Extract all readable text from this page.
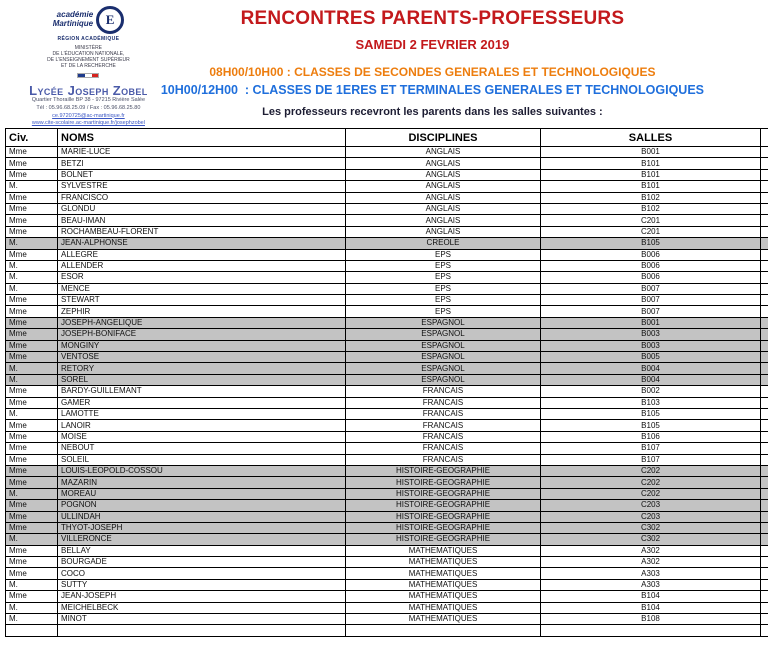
académie
Martinique E
RÉGION ACADÉMIQUE
MINISTÈRE
DE L'ÉDUCATION NATIONALE,
DE L'ENSEIGNEMENT SUPÉRIEUR
ET DE LA RECHERCHE
Lycée Joseph Zobel
Quartier Thoraille BP 38 - 97215 Rivière Salée
Tél : 05.96.68.25.09 / Fax : 05.96.68.25.80
ce.9720725@ac-martinique.fr
www.cite-scolaire.ac-martinique.fr/josephzobel
RENCONTRES PARENTS-PROFESSEURS
SAMEDI 2 FEVRIER 2019
08H00/10H00 : CLASSES DE SECONDES GENERALES ET TECHNOLOGIQUES
10H00/12H00  : CLASSES DE 1ERES ET TERMINALES GENERALES ET TECHNOLOGIQUES
Les professeurs recevront les parents dans les salles suivantes :
Civ.	NOMS	DISCIPLINES	SALLES	
Mme	MARIE-LUCE	ANGLAIS	B001	
Mme	BETZI	ANGLAIS	B101	
Mme	BOLNET	ANGLAIS	B101	
M.	SYLVESTRE	ANGLAIS	B101	
Mme	FRANCISCO	ANGLAIS	B102	
Mme	GLONDU	ANGLAIS	B102	
Mme	BEAU-IMAN	ANGLAIS	C201	
Mme	ROCHAMBEAU-FLORENT	ANGLAIS	C201	
M.	JEAN-ALPHONSE	CREOLE	B105	
Mme	ALLEGRE	EPS	B006	
M.	ALLENDER	EPS	B006	
M.	ESOR	EPS	B006	
M.	MENCE	EPS	B007	
Mme	STEWART	EPS	B007	
Mme	ZEPHIR	EPS	B007	
Mme	JOSEPH-ANGELIQUE	ESPAGNOL	B001	
Mme	JOSEPH-BONIFACE	ESPAGNOL	B003	
Mme	MONGINY	ESPAGNOL	B003	
Mme	VENTOSE	ESPAGNOL	B005	
M.	RETORY	ESPAGNOL	B004	
M.	SOREL	ESPAGNOL	B004	
Mme	BARDY-GUILLEMANT	FRANCAIS	B002	
Mme	GAMER	FRANCAIS	B103	
M.	LAMOTTE	FRANCAIS	B105	
Mme	LANOIR	FRANCAIS	B105	
Mme	MOISE	FRANCAIS	B106	
Mme	NEBOUT	FRANCAIS	B107	
Mme	SOLEIL	FRANCAIS	B107	
Mme	LOUIS-LEOPOLD-COSSOU	HISTOIRE-GEOGRAPHIE	C202	
Mme	MAZARIN	HISTOIRE-GEOGRAPHIE	C202	
M.	MOREAU	HISTOIRE-GEOGRAPHIE	C202	
Mme	POGNON	HISTOIRE-GEOGRAPHIE	C203	
Mme	ULLINDAH	HISTOIRE-GEOGRAPHIE	C203	
Mme	THYOT-JOSEPH	HISTOIRE-GEOGRAPHIE	C302	
M.	VILLERONCE	HISTOIRE-GEOGRAPHIE	C302	
Mme	BELLAY	MATHEMATIQUES	A302	
Mme	BOURGADE	MATHEMATIQUES	A302	
Mme	COCO	MATHEMATIQUES	A303	
M.	SUTTY	MATHEMATIQUES	A303	
Mme	JEAN-JOSEPH	MATHEMATIQUES	B104	
M.	MEICHELBECK	MATHEMATIQUES	B104	
M.	MINOT	MATHEMATIQUES	B108	
